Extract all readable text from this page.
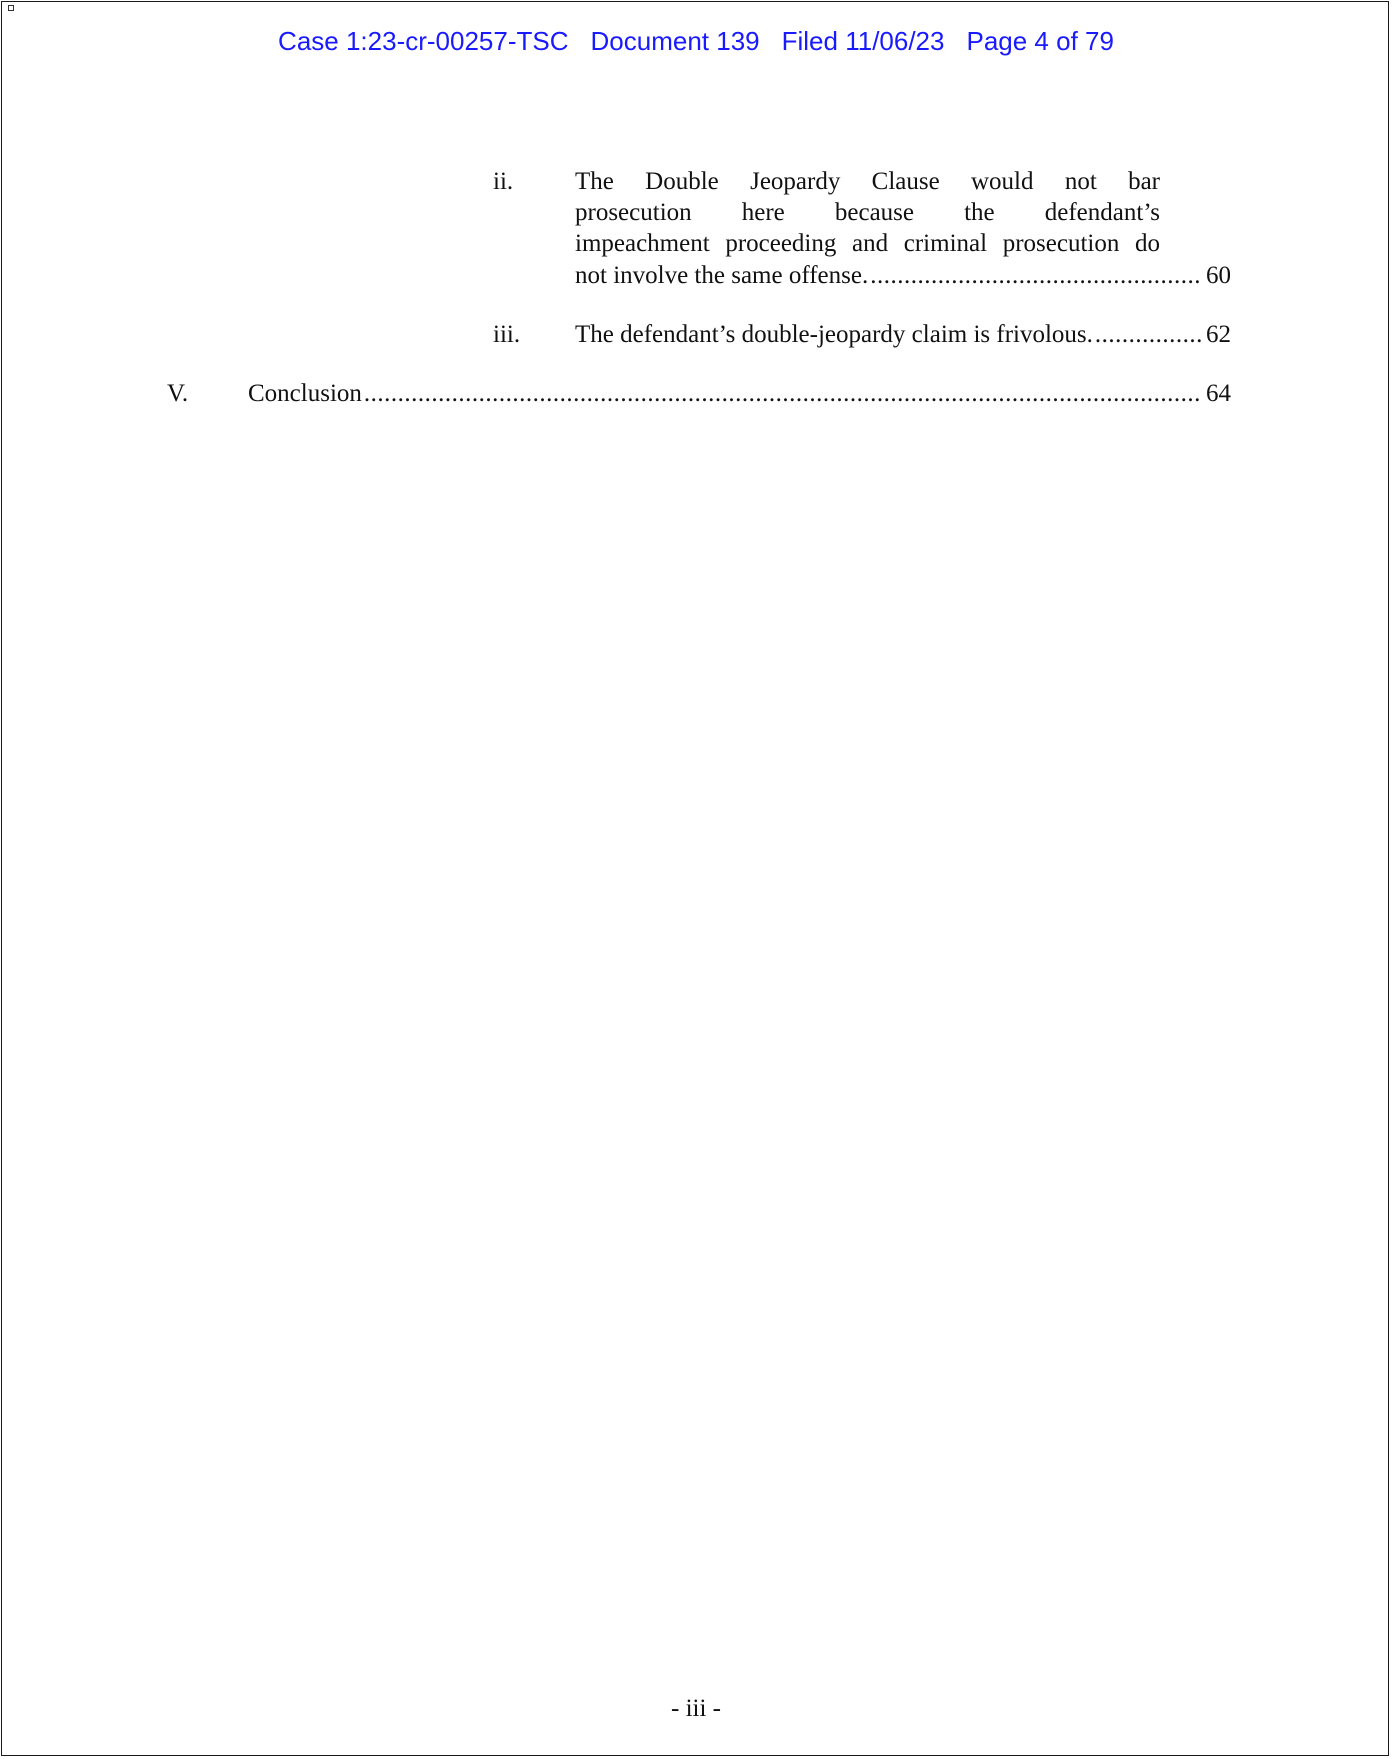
Case 1:23-cr-00257-TSC Document 139 Filed 11/06/23 Page 4 of 79
ii. The Double Jeopardy Clause would not bar
prosecution here because the defendant’s
impeachment proceeding and criminal prosecution do
not involve the same offense. .....	60
iii. The defendant’s double-jeopardy claim is frivolous. .....	62
V. Conclusion .....	64
- iii -
